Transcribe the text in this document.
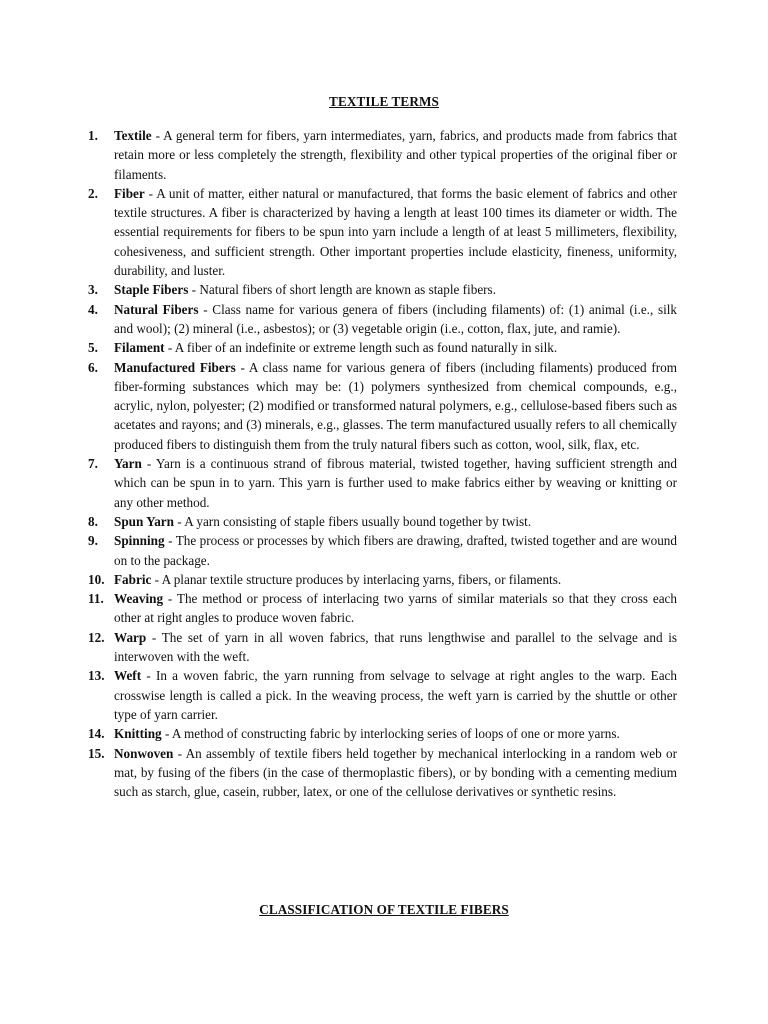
TEXTILE TERMS
1. Textile - A general term for fibers, yarn intermediates, yarn, fabrics, and products made from fabrics that retain more or less completely the strength, flexibility and other typical properties of the original fiber or filaments.
2. Fiber - A unit of matter, either natural or manufactured, that forms the basic element of fabrics and other textile structures. A fiber is characterized by having a length at least 100 times its diameter or width. The essential requirements for fibers to be spun into yarn include a length of at least 5 millimeters, flexibility, cohesiveness, and sufficient strength. Other important properties include elasticity, fineness, uniformity, durability, and luster.
3. Staple Fibers - Natural fibers of short length are known as staple fibers.
4. Natural Fibers - Class name for various genera of fibers (including filaments) of: (1) animal (i.e., silk and wool); (2) mineral (i.e., asbestos); or (3) vegetable origin (i.e., cotton, flax, jute, and ramie).
5. Filament - A fiber of an indefinite or extreme length such as found naturally in silk.
6. Manufactured Fibers - A class name for various genera of fibers (including filaments) produced from fiber-forming substances which may be: (1) polymers synthesized from chemical compounds, e.g., acrylic, nylon, polyester; (2) modified or transformed natural polymers, e.g., cellulose-based fibers such as acetates and rayons; and (3) minerals, e.g., glasses. The term manufactured usually refers to all chemically produced fibers to distinguish them from the truly natural fibers such as cotton, wool, silk, flax, etc.
7. Yarn - Yarn is a continuous strand of fibrous material, twisted together, having sufficient strength and which can be spun in to yarn. This yarn is further used to make fabrics either by weaving or knitting or any other method.
8. Spun Yarn - A yarn consisting of staple fibers usually bound together by twist.
9. Spinning - The process or processes by which fibers are drawing, drafted, twisted together and are wound on to the package.
10. Fabric - A planar textile structure produces by interlacing yarns, fibers, or filaments.
11. Weaving - The method or process of interlacing two yarns of similar materials so that they cross each other at right angles to produce woven fabric.
12. Warp - The set of yarn in all woven fabrics, that runs lengthwise and parallel to the selvage and is interwoven with the weft.
13. Weft - In a woven fabric, the yarn running from selvage to selvage at right angles to the warp. Each crosswise length is called a pick. In the weaving process, the weft yarn is carried by the shuttle or other type of yarn carrier.
14. Knitting - A method of constructing fabric by interlocking series of loops of one or more yarns.
15. Nonwoven - An assembly of textile fibers held together by mechanical interlocking in a random web or mat, by fusing of the fibers (in the case of thermoplastic fibers), or by bonding with a cementing medium such as starch, glue, casein, rubber, latex, or one of the cellulose derivatives or synthetic resins.
CLASSIFICATION OF TEXTILE FIBERS
